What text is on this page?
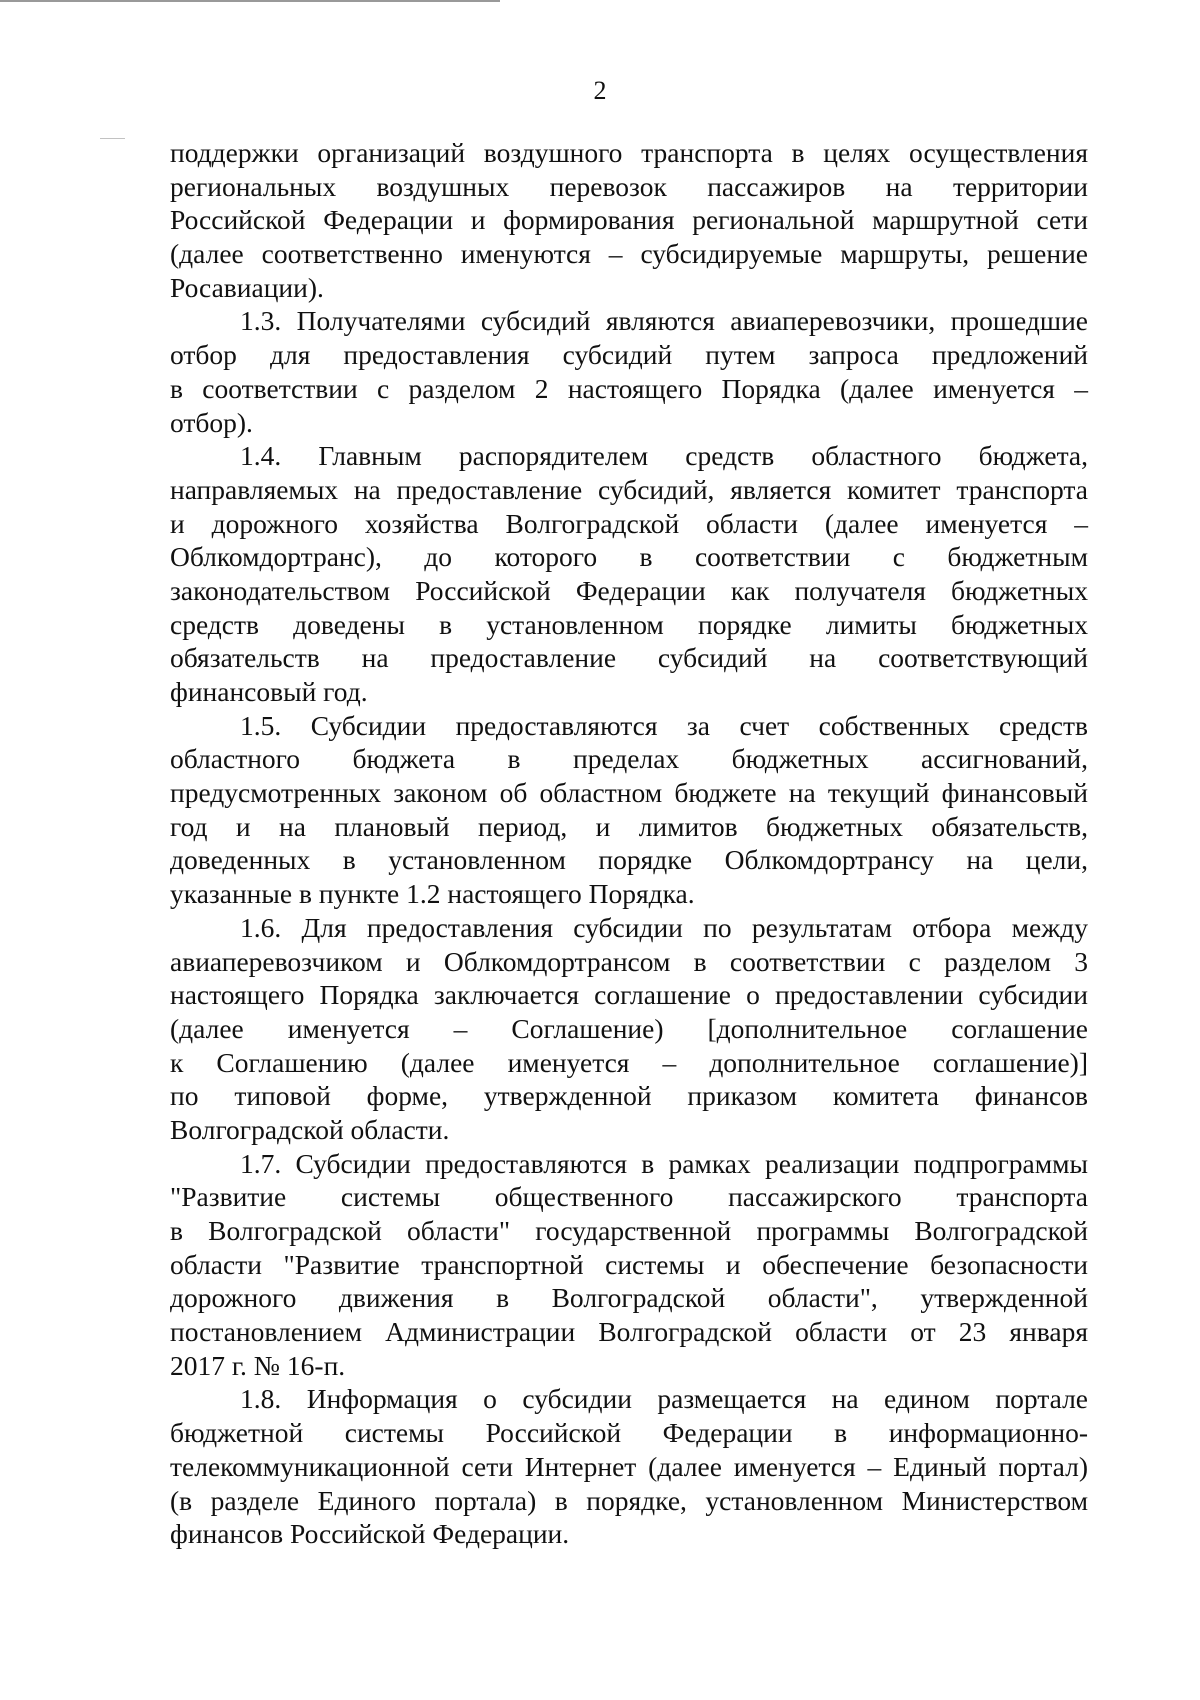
2
поддержки организаций воздушного транспорта в целях осуществления
региональных воздушных перевозок пассажиров на территории
Российской Федерации и формирования региональной маршрутной сети
(далее соответственно именуются – субсидируемые маршруты, решение
Росавиации).
1.3. Получателями субсидий являются авиаперевозчики, прошедшие
отбор для предоставления субсидий путем запроса предложений
в соответствии с разделом 2 настоящего Порядка (далее именуется –
отбор).
1.4. Главным распорядителем средств областного бюджета,
направляемых на предоставление субсидий, является комитет транспорта
и дорожного хозяйства Волгоградской области (далее именуется –
Облкомдортранс), до которого в соответствии с бюджетным
законодательством Российской Федерации как получателя бюджетных
средств доведены в установленном порядке лимиты бюджетных
обязательств на предоставление субсидий на соответствующий
финансовый год.
1.5. Субсидии предоставляются за счет собственных средств
областного бюджета в пределах бюджетных ассигнований,
предусмотренных законом об областном бюджете на текущий финансовый
год и на плановый период, и лимитов бюджетных обязательств,
доведенных в установленном порядке Облкомдортрансу на цели,
указанные в пункте 1.2 настоящего Порядка.
1.6. Для предоставления субсидии по результатам отбора между
авиаперевозчиком и Облкомдортрансом в соответствии с разделом 3
настоящего Порядка заключается соглашение о предоставлении субсидии
(далее именуется – Соглашение) [дополнительное соглашение
к Соглашению (далее именуется – дополнительное соглашение)]
по типовой форме, утвержденной приказом комитета финансов
Волгоградской области.
1.7. Субсидии предоставляются в рамках реализации подпрограммы
"Развитие системы общественного пассажирского транспорта
в Волгоградской области" государственной программы Волгоградской
области "Развитие транспортной системы и обеспечение безопасности
дорожного движения в Волгоградской области", утвержденной
постановлением Администрации Волгоградской области от 23 января
2017 г. № 16-п.
1.8. Информация о субсидии размещается на едином портале
бюджетной системы Российской Федерации в информационно-
телекоммуникационной сети Интернет (далее именуется – Единый портал)
(в разделе Единого портала) в порядке, установленном Министерством
финансов Российской Федерации.
